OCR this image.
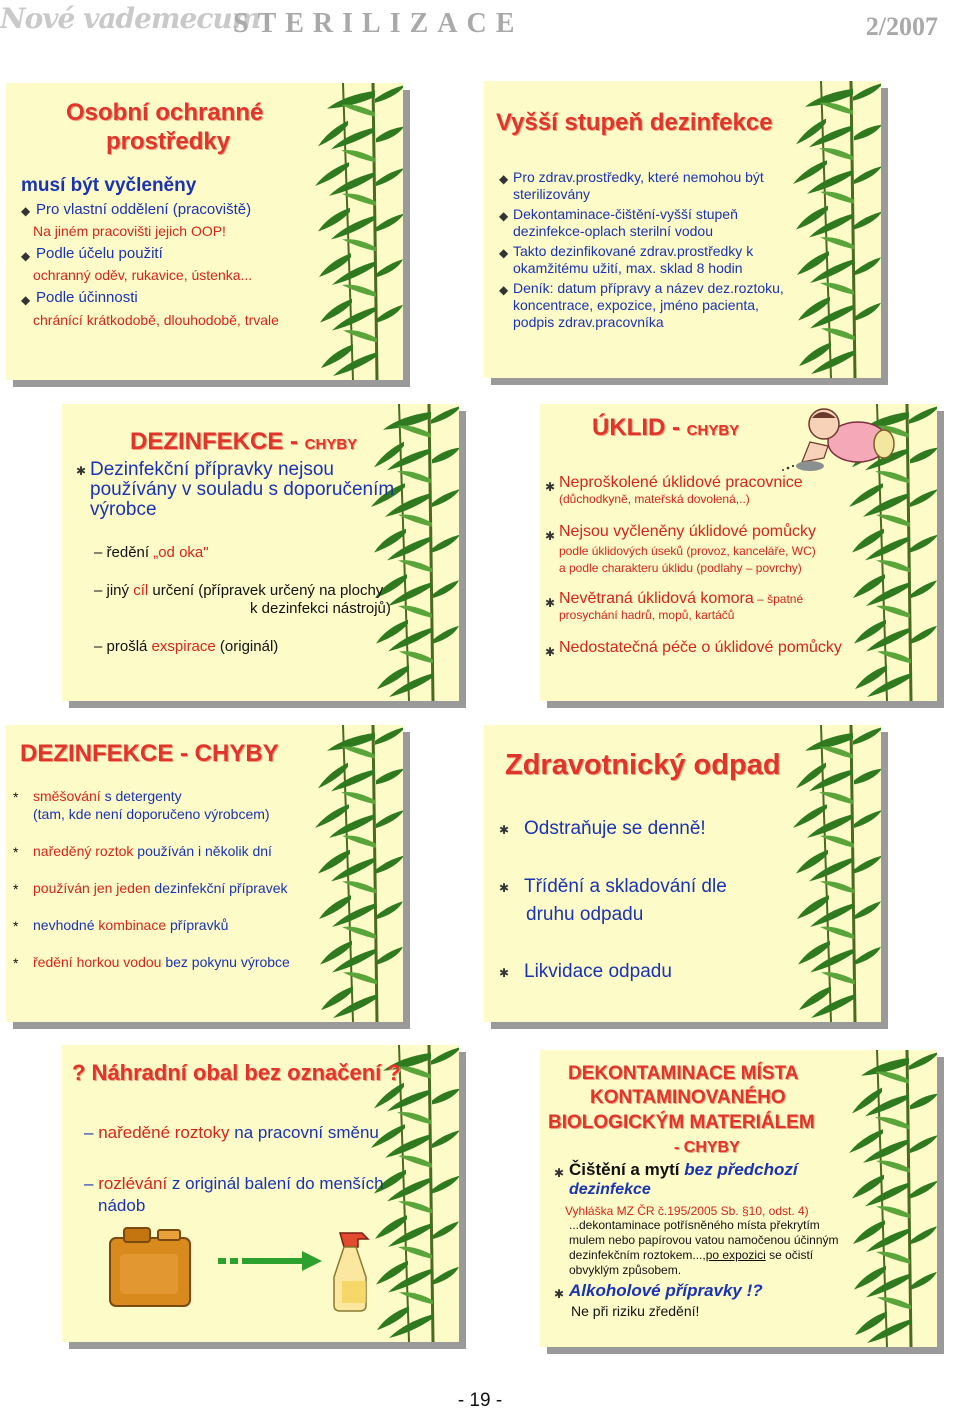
Nové vademecum
STERILIZACE	2/2007
Osobní ochranné
prostředky
musí být vyčleněny
◆ Pro vlastní oddělení (pracoviště)
Na jiném pracovišti jejich OOP!
◆ Podle účelu použití
ochranný oděv, rukavice, ústenka...
◆ Podle účinnosti
chránící krátkodobě, dlouhodobě, trvale
Vyšší stupeň dezinfekce
◆ Pro zdrav.prostředky, které nemohou být
sterilizovány
◆ Dekontaminace-čištění-vyšší stupeň
dezinfekce-oplach sterilní vodou
◆ Takto dezinfikované zdrav.prostředky k
okamžitému užití, max. sklad 8 hodin
◆ Deník: datum přípravy a název dez.roztoku,
koncentrace, expozice, jméno pacienta,
podpis zdrav.pracovníka
DEZINFEKCE - CHYBY
✱ Dezinfekční přípravky nejsou
používány v souladu s doporučením
výrobce
– ředění „od oka"
– jiný cíl určení (přípravek určený na plochy
k dezinfekci nástrojů)
– prošlá exspirace (originál)
ÚKLID - CHYBY
✱ Neproškolené úklidové pracovnice
(důchodkyně, mateřská dovolená,..)
✱ Nejsou vyčleněny úklidové pomůcky
podle úklidových úseků (provoz, kanceláře, WC)
a podle charakteru úklidu (podlahy – povrchy)
✱ Nevětraná úklidová komora – špatné
prosychání hadrů, mopů, kartáčů
✱ Nedostatečná péče o úklidové pomůcky
DEZINFEKCE - CHYBY
* směšování s detergenty
(tam, kde není doporučeno výrobcem)
* naředěný roztok používán i několik dní
* používán jen jeden dezinfekční přípravek
* nevhodné kombinace přípravků
* ředění horkou vodou bez pokynu výrobce
Zdravotnický odpad
✱ Odstraňuje se denně!
✱ Třídění a skladování dle
druhu odpadu
✱ Likvidace odpadu
? Náhradní obal bez označení ?
– naředěné roztoky na pracovní směnu
– rozlévání z originál balení do menších
nádob
DEKONTAMINACE MÍSTA
KONTAMINOVANÉHO
BIOLOGICKÝM MATERIÁLEM
- CHYBY
✱ Čištění a mytí bez předchozí
dezinfekce
Vyhláška MZ ČR č.195/2005 Sb. §10, odst. 4)
...dekontaminace potřísněného místa překrytím
mulem nebo papírovou vatou namočenou účinným
dezinfekčním roztokem...,po expozici se očistí
obvyklým způsobem.
✱ Alkoholové přípravky !?
Ne při riziku zředění!
- 19 -
